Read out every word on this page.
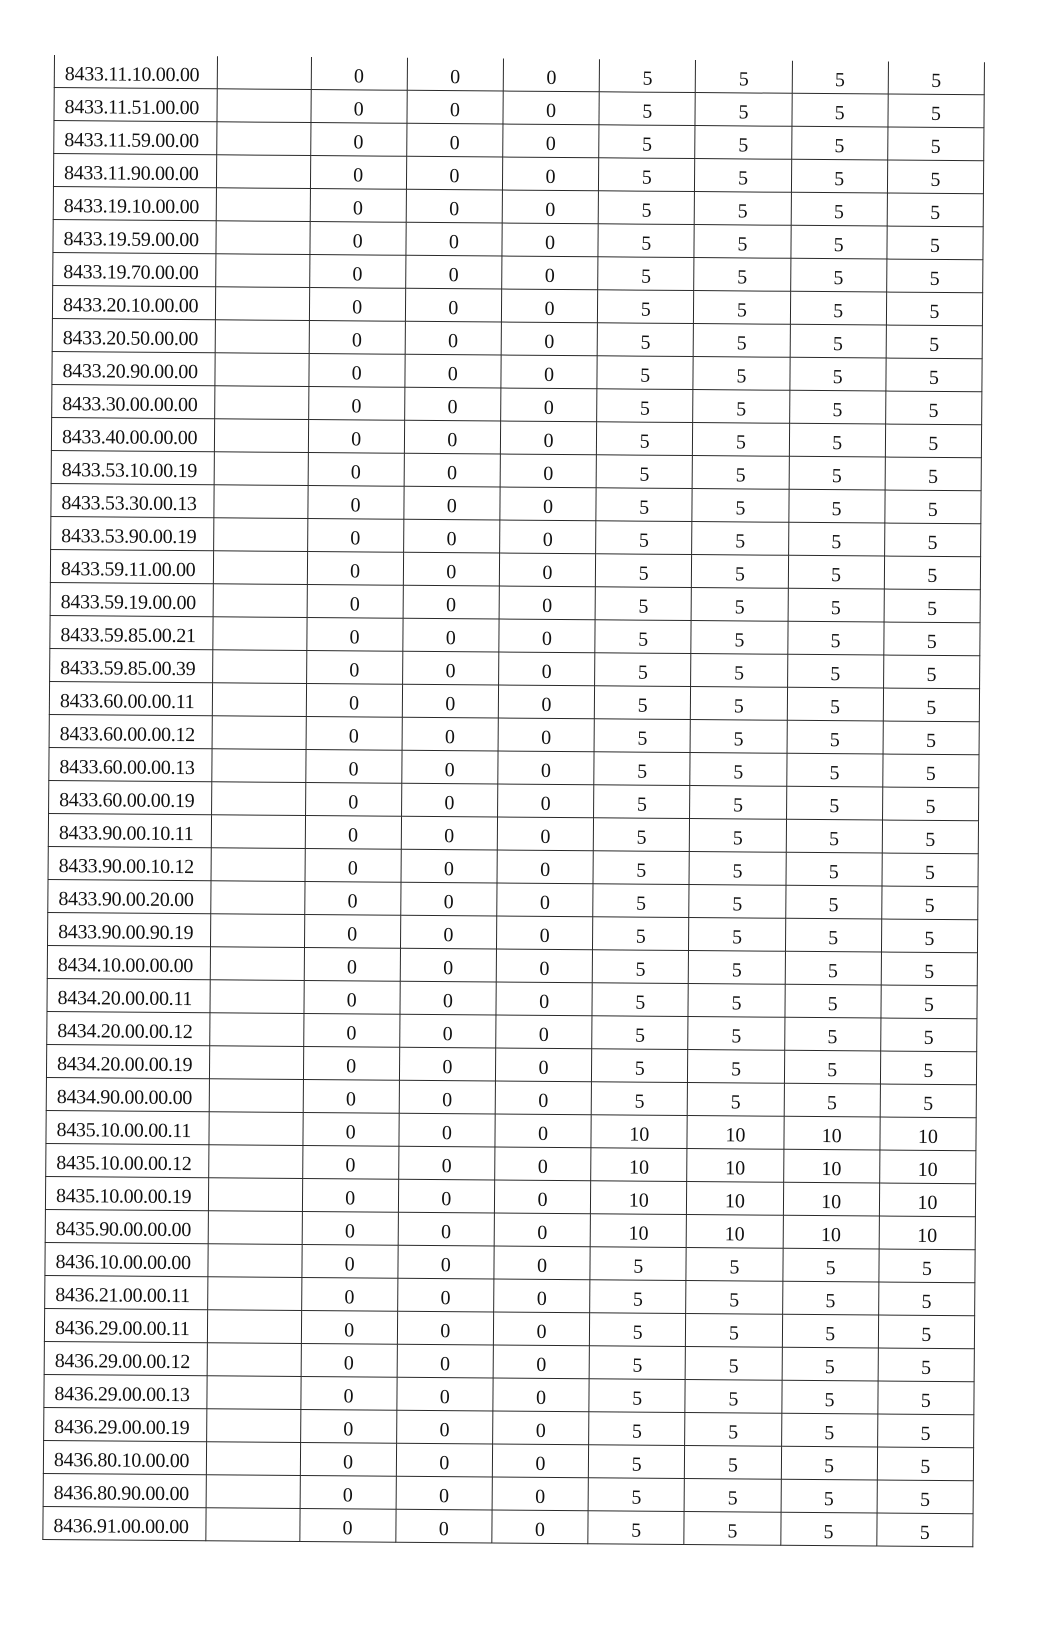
8433.11.10.00.00		0	0	0	5	5	5	5
8433.11.51.00.00		0	0	0	5	5	5	5
8433.11.59.00.00		0	0	0	5	5	5	5
8433.11.90.00.00		0	0	0	5	5	5	5
8433.19.10.00.00		0	0	0	5	5	5	5
8433.19.59.00.00		0	0	0	5	5	5	5
8433.19.70.00.00		0	0	0	5	5	5	5
8433.20.10.00.00		0	0	0	5	5	5	5
8433.20.50.00.00		0	0	0	5	5	5	5
8433.20.90.00.00		0	0	0	5	5	5	5
8433.30.00.00.00		0	0	0	5	5	5	5
8433.40.00.00.00		0	0	0	5	5	5	5
8433.53.10.00.19		0	0	0	5	5	5	5
8433.53.30.00.13		0	0	0	5	5	5	5
8433.53.90.00.19		0	0	0	5	5	5	5
8433.59.11.00.00		0	0	0	5	5	5	5
8433.59.19.00.00		0	0	0	5	5	5	5
8433.59.85.00.21		0	0	0	5	5	5	5
8433.59.85.00.39		0	0	0	5	5	5	5
8433.60.00.00.11		0	0	0	5	5	5	5
8433.60.00.00.12		0	0	0	5	5	5	5
8433.60.00.00.13		0	0	0	5	5	5	5
8433.60.00.00.19		0	0	0	5	5	5	5
8433.90.00.10.11		0	0	0	5	5	5	5
8433.90.00.10.12		0	0	0	5	5	5	5
8433.90.00.20.00		0	0	0	5	5	5	5
8433.90.00.90.19		0	0	0	5	5	5	5
8434.10.00.00.00		0	0	0	5	5	5	5
8434.20.00.00.11		0	0	0	5	5	5	5
8434.20.00.00.12		0	0	0	5	5	5	5
8434.20.00.00.19		0	0	0	5	5	5	5
8434.90.00.00.00		0	0	0	5	5	5	5
8435.10.00.00.11		0	0	0	10	10	10	10
8435.10.00.00.12		0	0	0	10	10	10	10
8435.10.00.00.19		0	0	0	10	10	10	10
8435.90.00.00.00		0	0	0	10	10	10	10
8436.10.00.00.00		0	0	0	5	5	5	5
8436.21.00.00.11		0	0	0	5	5	5	5
8436.29.00.00.11		0	0	0	5	5	5	5
8436.29.00.00.12		0	0	0	5	5	5	5
8436.29.00.00.13		0	0	0	5	5	5	5
8436.29.00.00.19		0	0	0	5	5	5	5
8436.80.10.00.00		0	0	0	5	5	5	5
8436.80.90.00.00		0	0	0	5	5	5	5
8436.91.00.00.00		0	0	0	5	5	5	5
